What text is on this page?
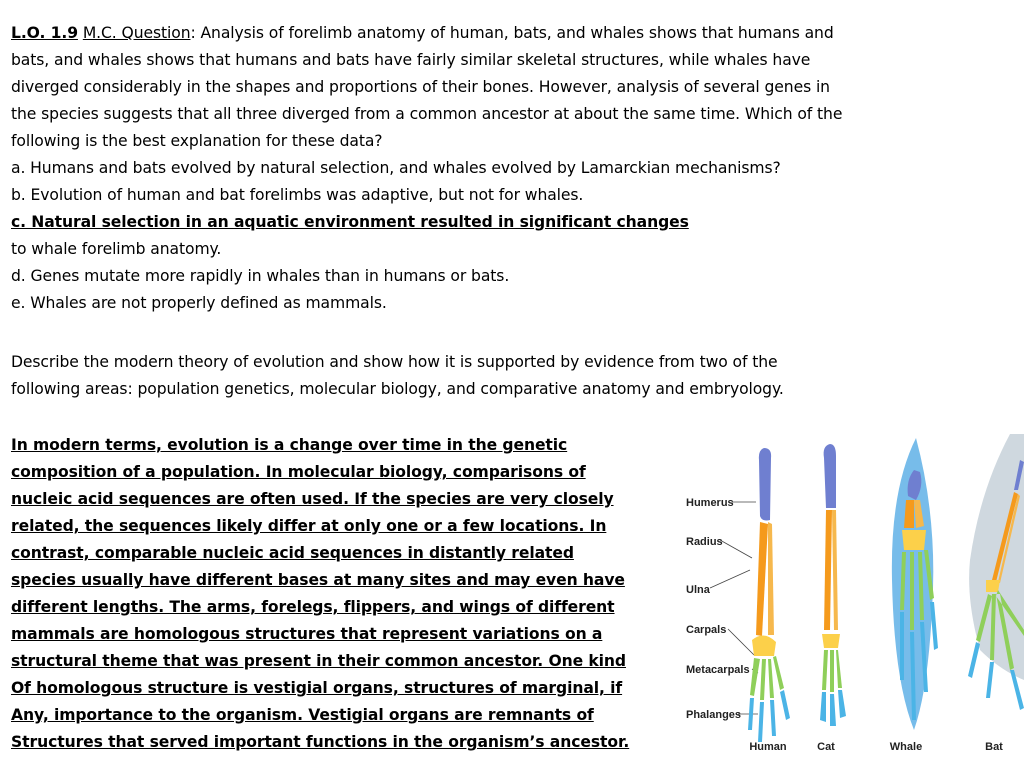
L.O. 1.9 M.C. Question: Analysis of forelimb anatomy of human, bats, and whales shows that humans and
bats, and whales shows that humans and bats have fairly similar skeletal structures, while whales have
diverged considerably in the shapes and proportions of their bones. However, analysis of several genes in
the species suggests that all three diverged from a common ancestor at about the same time. Which of the
following is the best explanation for these data?
a. Humans and bats evolved by natural selection, and whales evolved by Lamarckian mechanisms?
b. Evolution of human and bat forelimbs was adaptive, but not for whales.
c. Natural selection in an aquatic environment resulted in significant changes
to whale forelimb anatomy.
d. Genes mutate more rapidly in whales than in humans or bats.
e. Whales are not properly defined as mammals.
Describe the modern theory of evolution and show how it is supported by evidence from two of the
following areas: population genetics, molecular biology, and comparative anatomy and embryology.
In modern terms, evolution is a change over time in the genetic
composition of a population. In molecular biology, comparisons of
nucleic acid sequences are often used. If the species are very closely
related, the sequences likely differ at only one or a few locations. In
contrast, comparable nucleic acid sequences in distantly related
species usually have different bases at many sites and may even have
different lengths. The arms, forelegs, flippers, and wings of different
mammals are homologous structures that represent variations on a
structural theme that was present in their common ancestor. One kind
Of homologous structure is vestigial organs, structures of marginal, if
Any, importance to the organism. Vestigial organs are remnants of
Structures that served important functions in the organism’s ancestor.
Humerus
Radius
Ulna
Carpals
Metacarpals
Phalanges
Human	Cat	Whale	Bat
